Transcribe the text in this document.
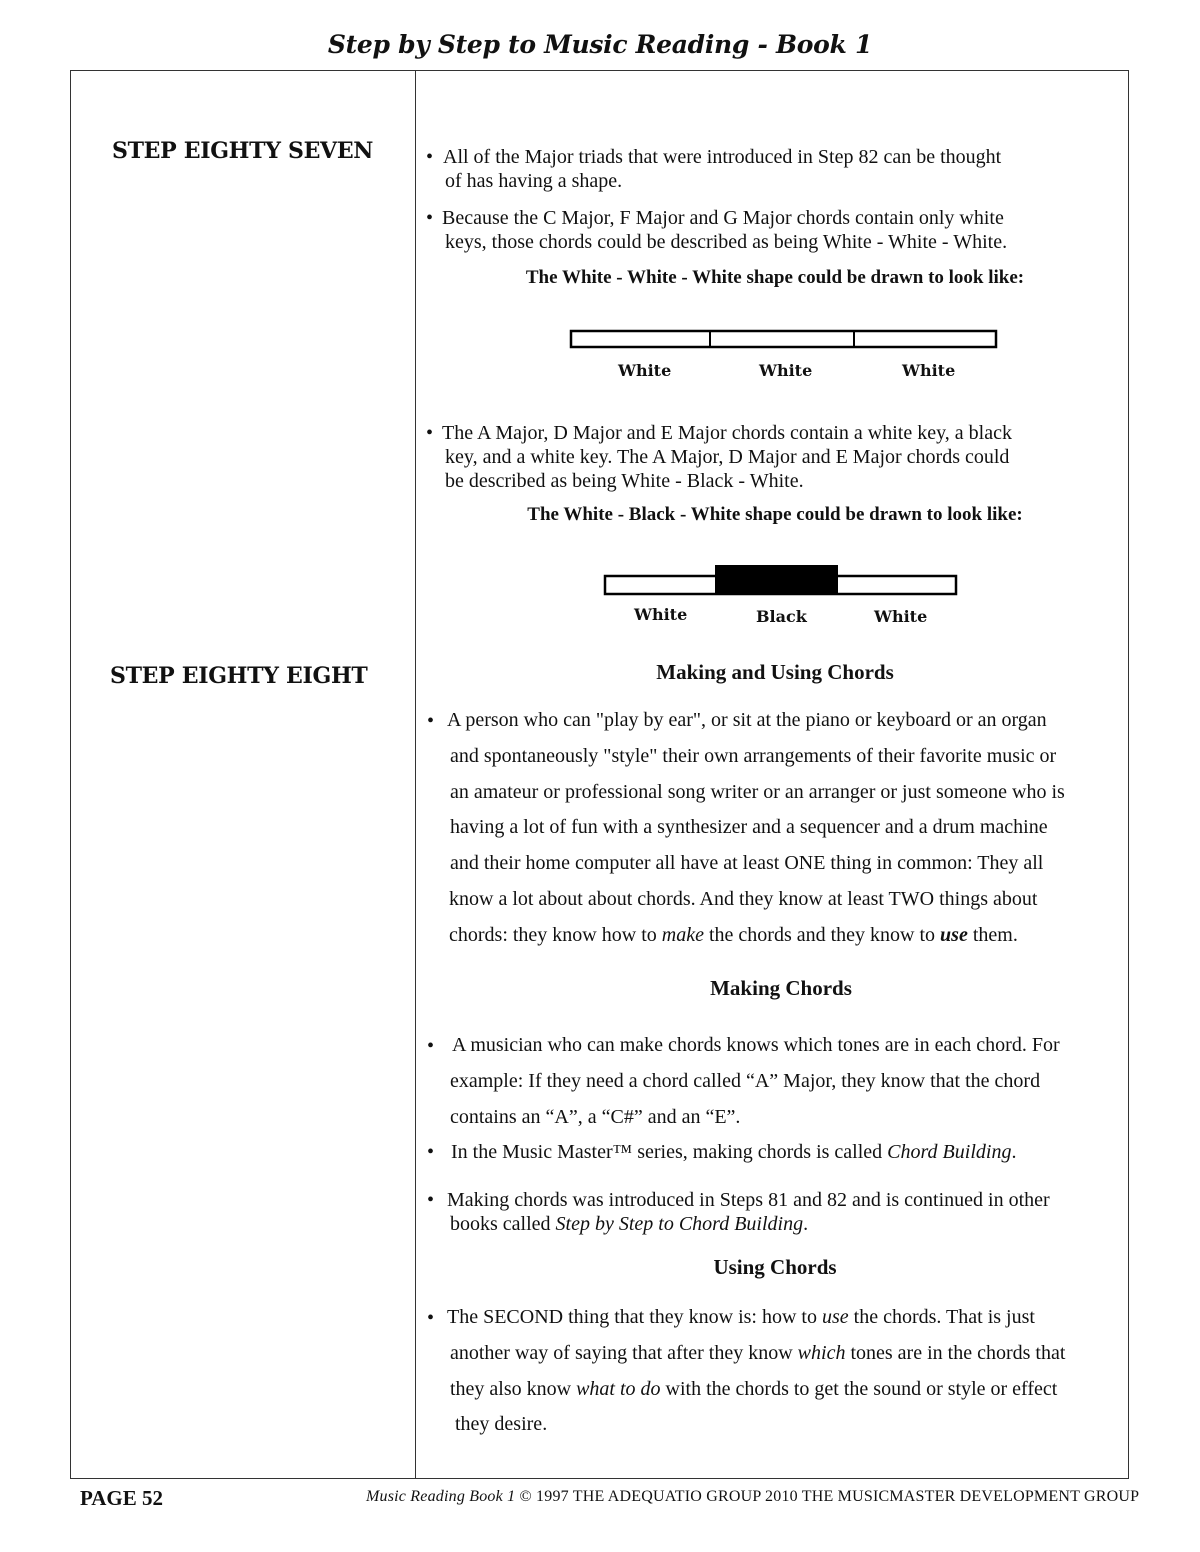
Step by Step to Music Reading - Book 1
STEP EIGHTY SEVEN
STEP EIGHTY EIGHT
• All of the Major triads that were introduced in Step 82 can be thought
of has having a shape.
• Because the C Major, F Major and G Major chords contain only white
keys, those chords could be described as being White - White - White.
The White - White - White shape could be drawn to look like:
White	White	White
• The A Major, D Major and E Major chords contain a white key, a black
key, and a white key. The A Major, D Major and E Major chords could
be described as being White - Black - White.
The White - Black - White shape could be drawn to look like:
White	Black	White
Making and Using Chords
• A person who can "play by ear", or sit at the piano or keyboard or an organ
and spontaneously "style" their own arrangements of their favorite music or
an amateur or professional song writer or an arranger or just someone who is
having a lot of fun with a synthesizer and a sequencer and a drum machine
and their home computer all have at least ONE thing in common: They all
know a lot about about chords. And they know at least TWO things about
chords: they know how to make the chords and they know to use them.
Making Chords
• A musician who can make chords knows which tones are in each chord. For
example: If they need a chord called “A” Major, they know that the chord
contains an “A”, a “C#” and an “E”.
• In the Music Master™ series, making chords is called Chord Building.
• Making chords was introduced in Steps 81 and 82 and is continued in other
books called Step by Step to Chord Building.
Using Chords
• The SECOND thing that they know is: how to use the chords. That is just
another way of saying that after they know which tones are in the chords that
they also know what to do with the chords to get the sound or style or effect
they desire.
PAGE 52	Music Reading Book 1 © 1997 THE ADEQUATIO GROUP 2010 THE MUSICMASTER DEVELOPMENT GROUP
